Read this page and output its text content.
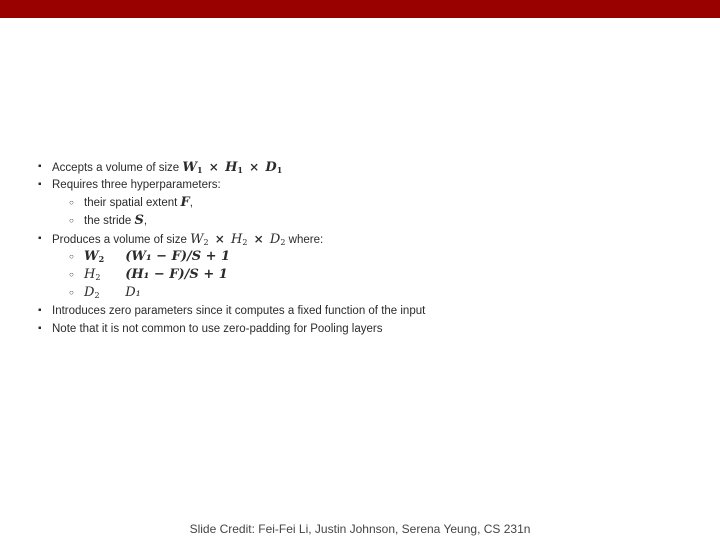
▪ Accepts a volume of size $W_1 \times H_1 \times D_1$
▪ Requires three hyperparameters:
○ their spatial extent F,
○ the stride S,
▪ Produces a volume of size $W_2 \times H_2 \times D_2$ where:
○ $W_2$ (W₁ − F)/S + 1
○ $H_2$ (H₁ − F)/S + 1
○ $D_2$ D₁
▪ Introduces zero parameters since it computes a fixed function of the input
▪ Note that it is not common to use zero-padding for Pooling layers
Slide Credit: Fei-Fei Li, Justin Johnson, Serena Yeung, CS 231n
